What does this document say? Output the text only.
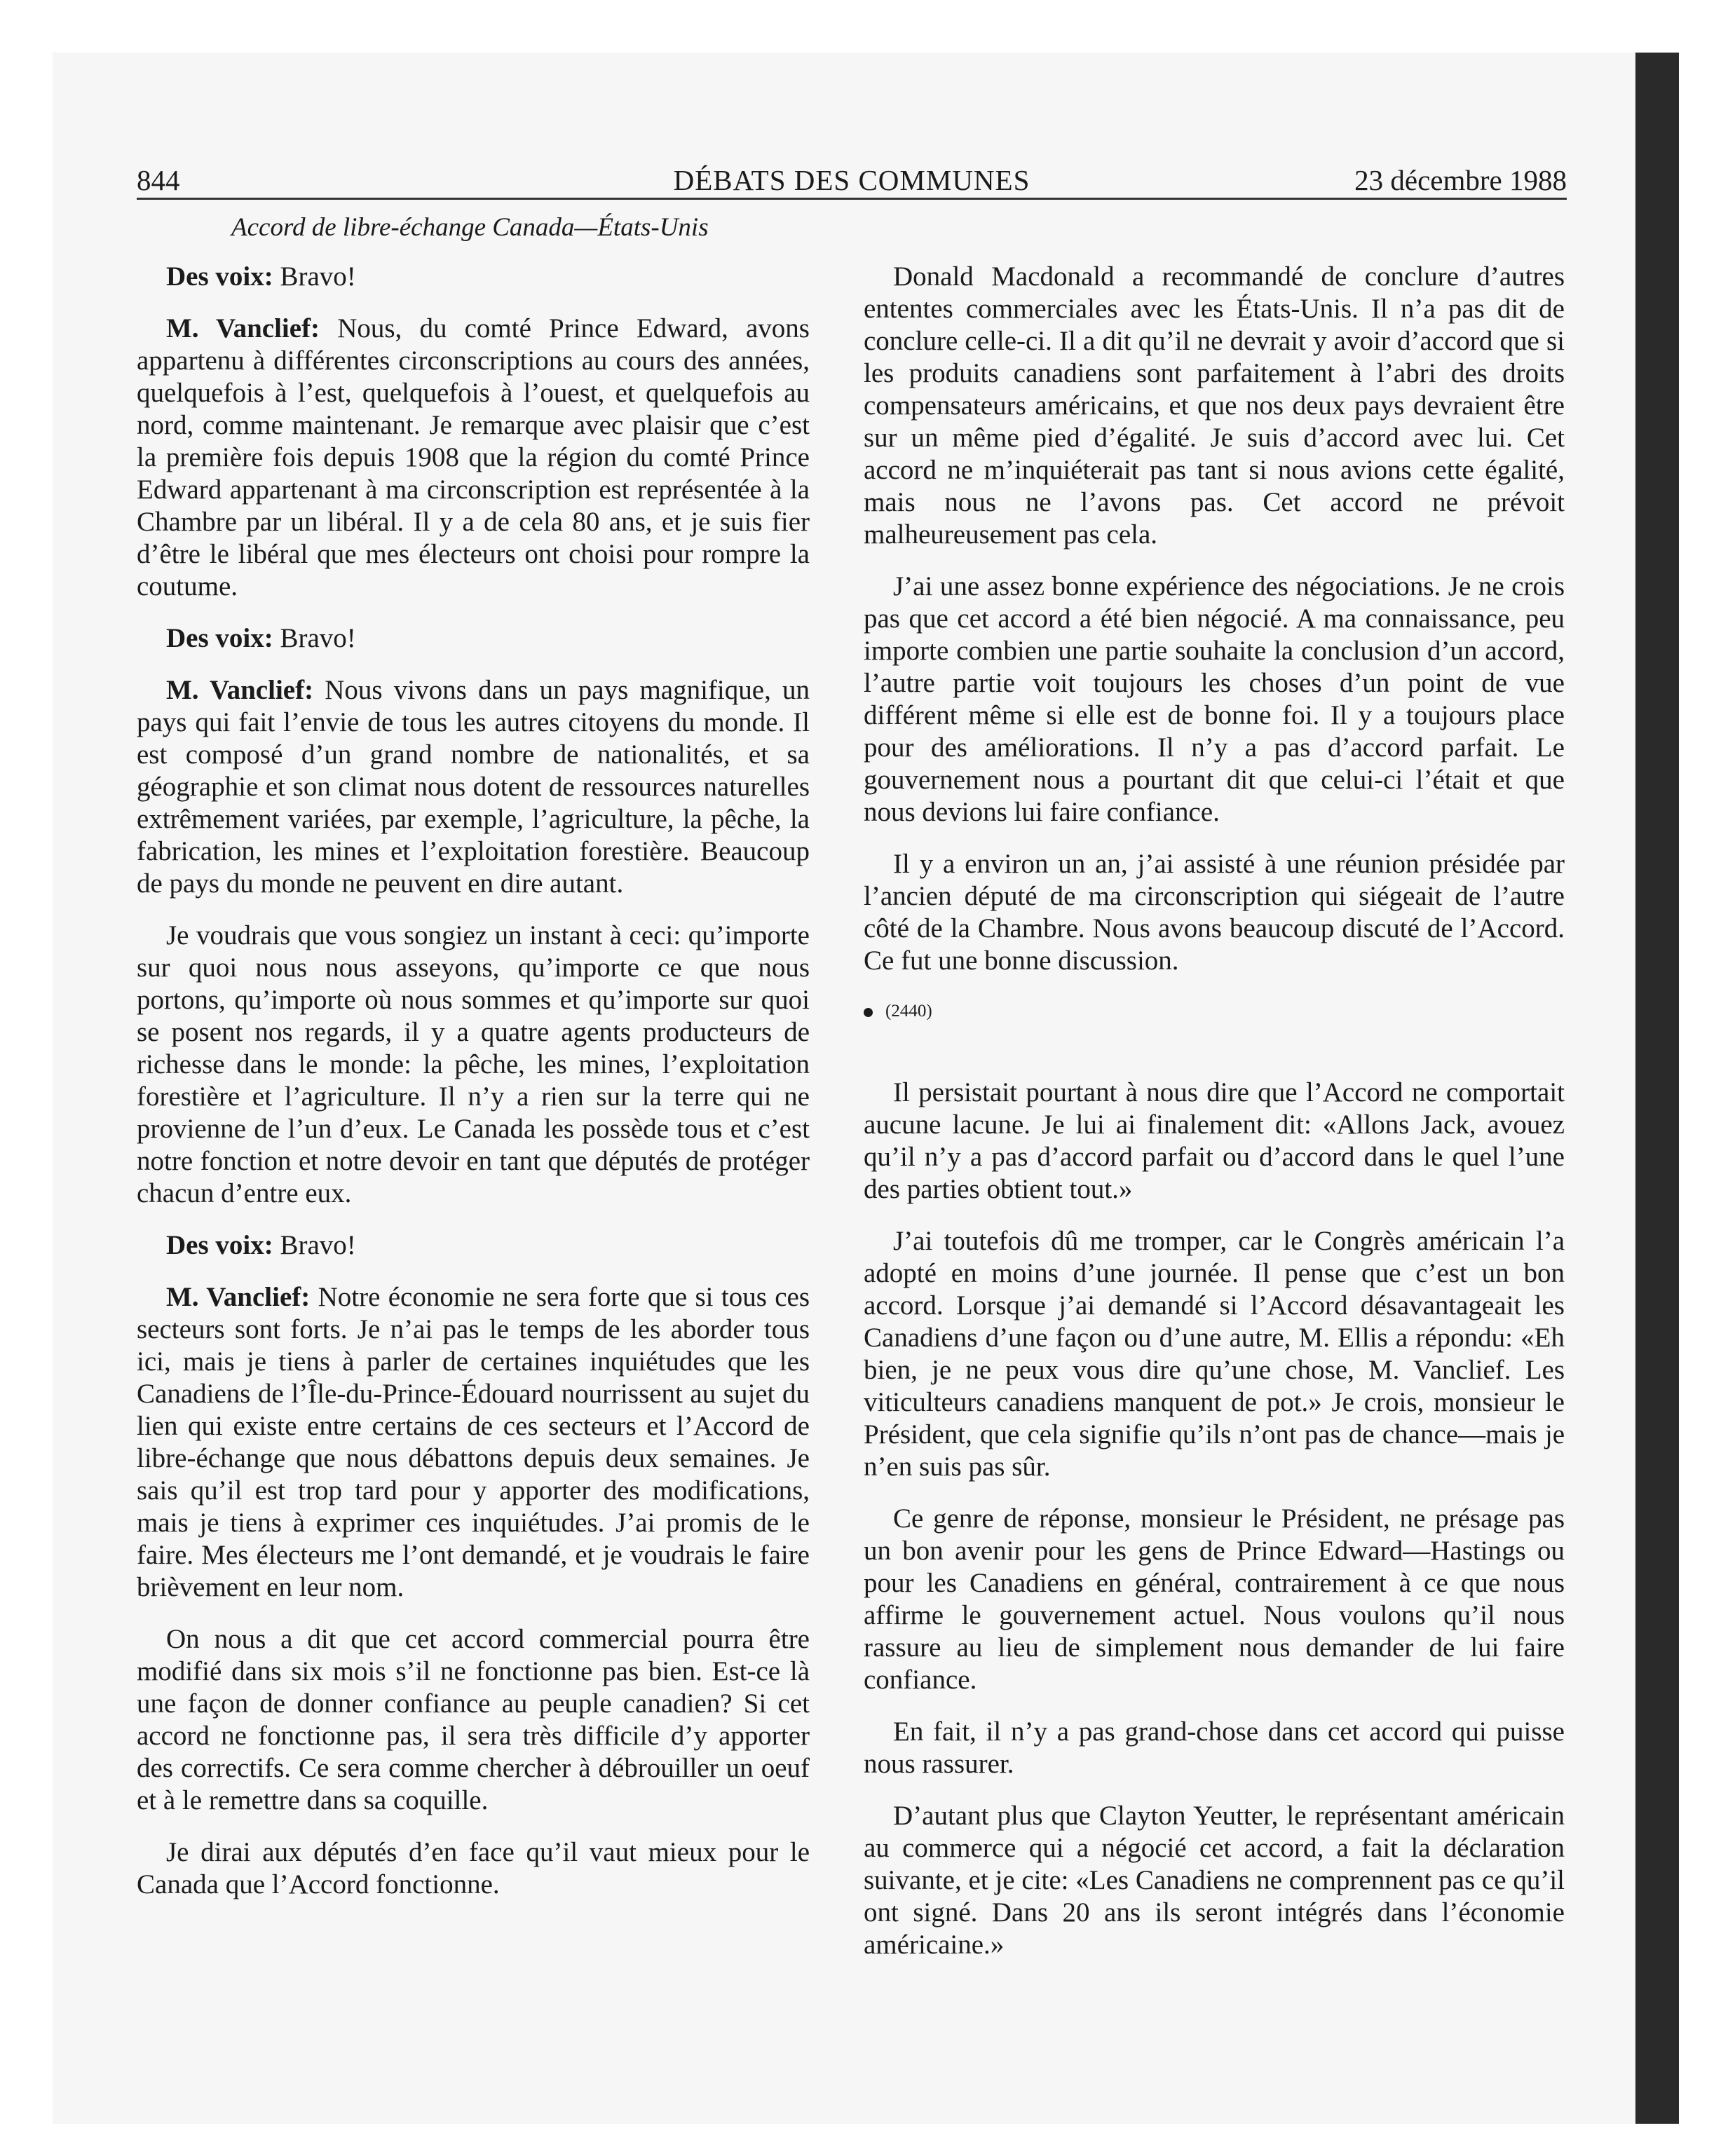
844	DÉBATS DES COMMUNES	23 décembre 1988
Accord de libre-échange Canada—États-Unis

Des voix: Bravo!

M. Vanclief: Nous, du comté Prince Edward, avons appartenu à différentes circonscriptions au cours des années, quelquefois à l’est, quelquefois à l’ouest, et quelquefois au nord, comme maintenant. Je remarque avec plaisir que c’est la première fois depuis 1908 que la région du comté Prince Edward appartenant à ma circonscription est représentée à la Chambre par un libéral. Il y a de cela 80 ans, et je suis fier d’être le libéral que mes électeurs ont choisi pour rompre la coutume.

Des voix: Bravo!

M. Vanclief: Nous vivons dans un pays magnifique, un pays qui fait l’envie de tous les autres citoyens du monde. Il est composé d’un grand nombre de nationalités, et sa géographie et son climat nous dotent de ressources naturelles extrêmement variées, par exemple, l’agriculture, la pêche, la fabrication, les mines et l’exploitation forestière. Beaucoup de pays du monde ne peuvent en dire autant.

Je voudrais que vous songiez un instant à ceci: qu’importe sur quoi nous nous asseyons, qu’importe ce que nous portons, qu’importe où nous sommes et qu’importe sur quoi se posent nos regards, il y a quatre agents producteurs de richesse dans le monde: la pêche, les mines, l’exploitation forestière et l’agriculture. Il n’y a rien sur la terre qui ne provienne de l’un d’eux. Le Canada les possède tous et c’est notre fonction et notre devoir en tant que députés de protéger chacun d’entre eux.

Des voix: Bravo!

M. Vanclief: Notre économie ne sera forte que si tous ces secteurs sont forts. Je n’ai pas le temps de les aborder tous ici, mais je tiens à parler de certaines inquiétudes que les Canadiens de l’Île-du-Prince-Édouard nourrissent au sujet du lien qui existe entre certains de ces secteurs et l’Accord de libre-échange que nous débattons depuis deux semaines. Je sais qu’il est trop tard pour y apporter des modifications, mais je tiens à exprimer ces inquiétudes. J’ai promis de le faire. Mes électeurs me l’ont demandé, et je voudrais le faire brièvement en leur nom.

On nous a dit que cet accord commercial pourra être modifié dans six mois s’il ne fonctionne pas bien. Est-ce là une façon de donner confiance au peuple canadien? Si cet accord ne fonctionne pas, il sera très difficile d’y apporter des correctifs. Ce sera comme chercher à débrouiller un oeuf et à le remettre dans sa coquille.

Je dirai aux députés d’en face qu’il vaut mieux pour le Canada que l’Accord fonctionne.

Donald Macdonald a recommandé de conclure d’autres ententes commerciales avec les États-Unis. Il n’a pas dit de conclure celle-ci. Il a dit qu’il ne devrait y avoir d’accord que si les produits canadiens sont parfaitement à l’abri des droits compensateurs américains, et que nos deux pays devraient être sur un même pied d’égalité. Je suis d’accord avec lui. Cet accord ne m’inquiéterait pas tant si nous avions cette égalité, mais nous ne l’avons pas. Cet accord ne prévoit malheureusement pas cela.

J’ai une assez bonne expérience des négociations. Je ne crois pas que cet accord a été bien négocié. A ma connaissance, peu importe combien une partie souhaite la conclusion d’un accord, l’autre partie voit toujours les choses d’un point de vue différent même si elle est de bonne foi. Il y a toujours place pour des améliorations. Il n’y a pas d’accord parfait. Le gouvernement nous a pourtant dit que celui-ci l’était et que nous devions lui faire confiance.

Il y a environ un an, j’ai assisté à une réunion présidée par l’ancien député de ma circonscription qui siégeait de l’autre côté de la Chambre. Nous avons beaucoup discuté de l’Accord. Ce fut une bonne discussion.

(2440)

Il persistait pourtant à nous dire que l’Accord ne comportait aucune lacune. Je lui ai finalement dit: «Allons Jack, avouez qu’il n’y a pas d’accord parfait ou d’accord dans le quel l’une des parties obtient tout.»

J’ai toutefois dû me tromper, car le Congrès américain l’a adopté en moins d’une journée. Il pense que c’est un bon accord. Lorsque j’ai demandé si l’Accord désavantageait les Canadiens d’une façon ou d’une autre, M. Ellis a répondu: «Eh bien, je ne peux vous dire qu’une chose, M. Vanclief. Les viticulteurs canadiens manquent de pot.» Je crois, monsieur le Président, que cela signifie qu’ils n’ont pas de chance—mais je n’en suis pas sûr.

Ce genre de réponse, monsieur le Président, ne présage pas un bon avenir pour les gens de Prince Edward—Hastings ou pour les Canadiens en général, contrairement à ce que nous affirme le gouvernement actuel. Nous voulons qu’il nous rassure au lieu de simplement nous demander de lui faire confiance.

En fait, il n’y a pas grand-chose dans cet accord qui puisse nous rassurer.

D’autant plus que Clayton Yeutter, le représentant américain au commerce qui a négocié cet accord, a fait la déclaration suivante, et je cite: «Les Canadiens ne comprennent pas ce qu’il ont signé. Dans 20 ans ils seront intégrés dans l’économie américaine.»
